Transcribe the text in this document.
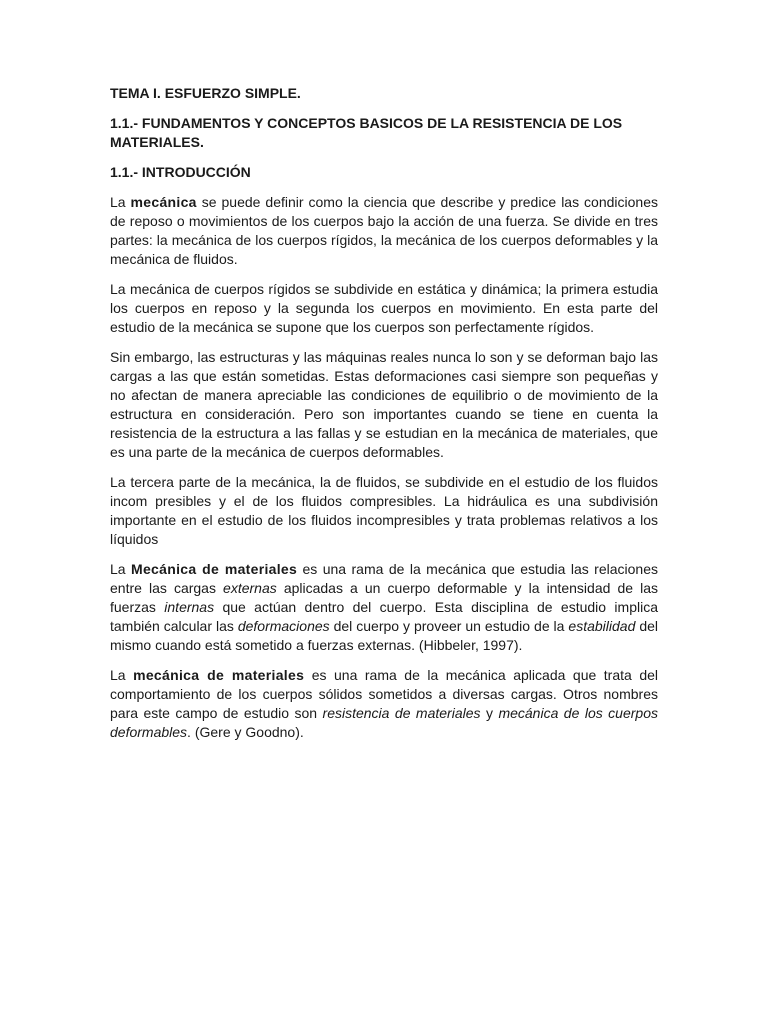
TEMA I. ESFUERZO SIMPLE.
1.1.- FUNDAMENTOS Y CONCEPTOS BASICOS DE LA RESISTENCIA DE LOS MATERIALES.
1.1.- INTRODUCCIÓN

La mecánica se puede definir como la ciencia que describe y predice las condiciones de reposo o movimientos de los cuerpos bajo la acción de una fuerza. Se divide en tres partes: la mecánica de los cuerpos rígidos, la mecánica de los cuerpos deformables y la mecánica de fluidos.

La mecánica de cuerpos rígidos se subdivide en estática y dinámica; la primera estudia los cuerpos en reposo y la segunda los cuerpos en movimiento. En esta parte del estudio de la mecánica se supone que los cuerpos son perfectamente rígidos.

Sin embargo, las estructuras y las máquinas reales nunca lo son y se deforman bajo las cargas a las que están sometidas. Estas deformaciones casi siempre son pequeñas y no afectan de manera apreciable las condiciones de equilibrio o de movimiento de la estructura en consideración. Pero son importantes cuando se tiene en cuenta la resistencia de la estructura a las fallas y se estudian en la mecánica de materiales, que es una parte de la mecánica de cuerpos deformables.

La tercera parte de la mecánica, la de fluidos, se subdivide en el estudio de los fluidos incom presibles y el de los fluidos compresibles. La hidráulica es una subdivisión importante en el estudio de los fluidos incompresibles y trata problemas relativos a los líquidos

La Mecánica de materiales es una rama de la mecánica que estudia las relaciones entre las cargas externas aplicadas a un cuerpo deformable y la intensidad de las fuerzas internas que actúan dentro del cuerpo. Esta disciplina de estudio implica también calcular las deformaciones del cuerpo y proveer un estudio de la estabilidad del mismo cuando está sometido a fuerzas externas. (Hibbeler, 1997).

La mecánica de materiales es una rama de la mecánica aplicada que trata del comportamiento de los cuerpos sólidos sometidos a diversas cargas. Otros nombres para este campo de estudio son resistencia de materiales y mecánica de los cuerpos deformables. (Gere y Goodno).
